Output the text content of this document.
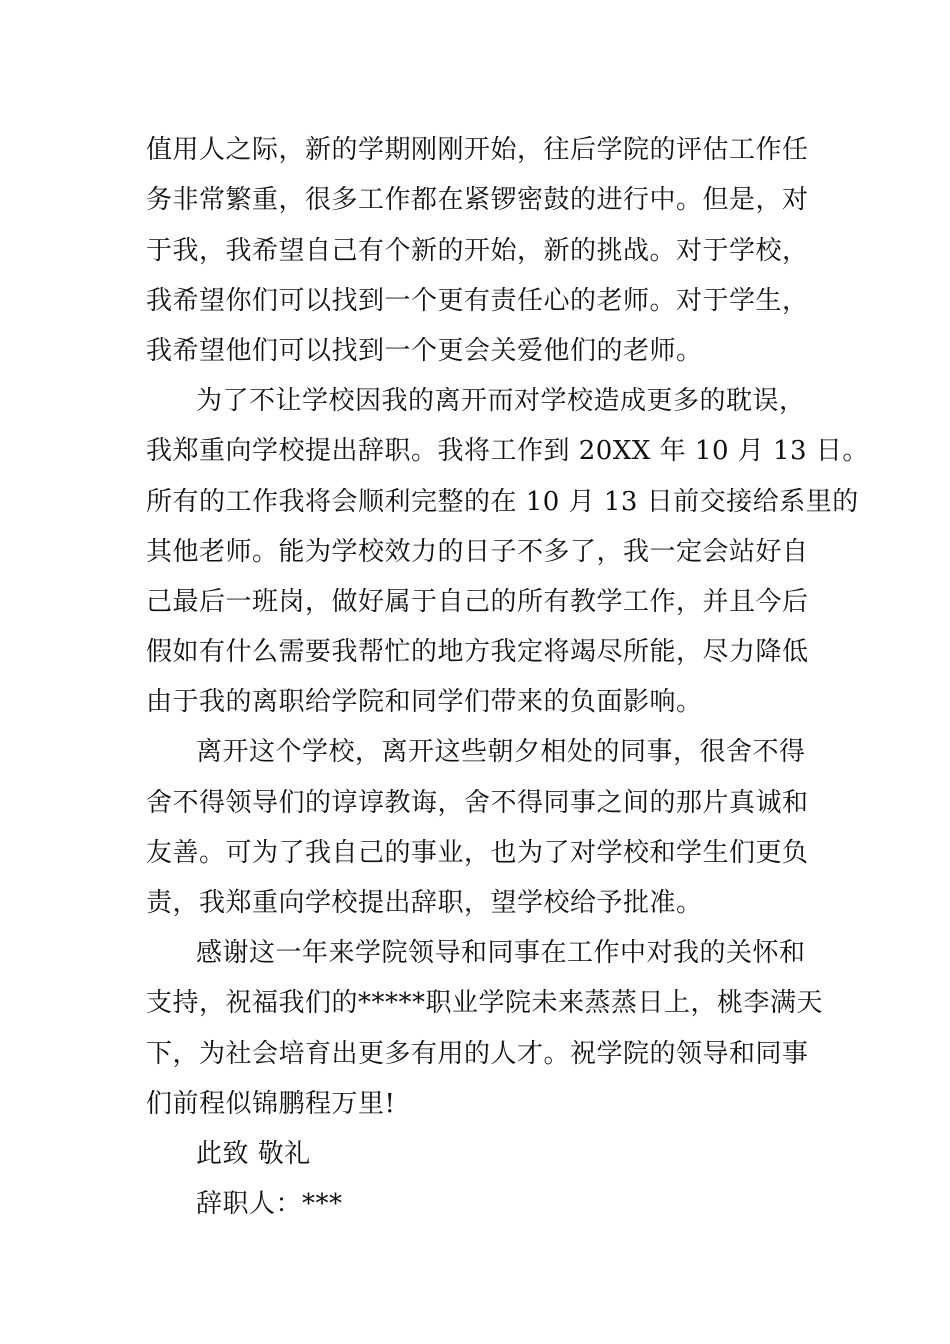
值用人之际，新的学期刚刚开始，往后学院的评估工作任
务非常繁重，很多工作都在紧锣密鼓的进行中。但是，对
于我，我希望自己有个新的开始，新的挑战。对于学校，
我希望你们可以找到一个更有责任心的老师。对于学生，
我希望他们可以找到一个更会关爱他们的老师。
为了不让学校因我的离开而对学校造成更多的耽误，
我郑重向学校提出辞职。我将工作到 20XX 年 10 月 13 日。
所有的工作我将会顺利完整的在 10 月 13 日前交接给系里的
其他老师。能为学校效力的日子不多了，我一定会站好自
己最后一班岗，做好属于自己的所有教学工作，并且今后
假如有什么需要我帮忙的地方我定将竭尽所能，尽力降低
由于我的离职给学院和同学们带来的负面影响。
离开这个学校，离开这些朝夕相处的同事，很舍不得
舍不得领导们的谆谆教诲，舍不得同事之间的那片真诚和
友善。可为了我自己的事业，也为了对学校和学生们更负
责，我郑重向学校提出辞职，望学校给予批准。
感谢这一年来学院领导和同事在工作中对我的关怀和
支持，祝福我们的*****职业学院未来蒸蒸日上，桃李满天
下，为社会培育出更多有用的人才。祝学院的领导和同事
们前程似锦鹏程万里!
此致 敬礼
辞职人：***
